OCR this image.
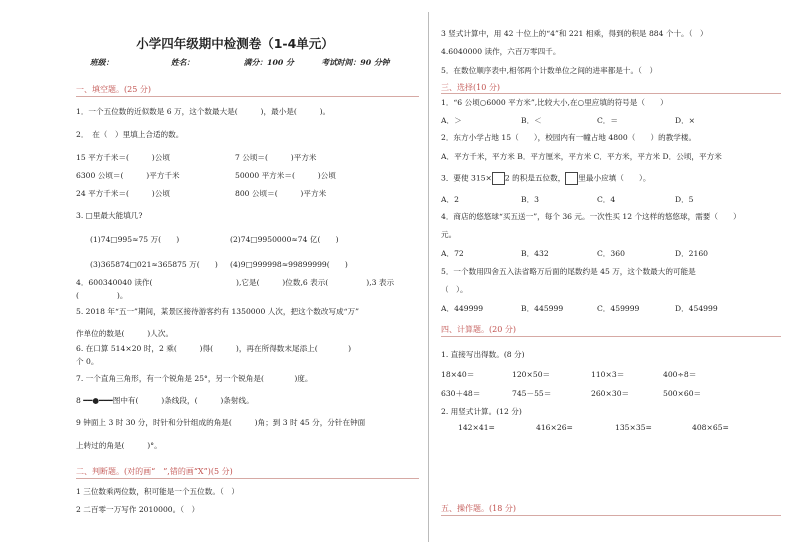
小学四年级期中检测卷（1-4单元）
班级：	姓名：	满分：100 分	考试时间：90 分钟
一、填空题。(25 分)
1．一个五位数的近似数是 6 万，这个数最大是(　　　)，最小是(　　　)。
2．　在（　）里填上合适的数。
15 平方千米＝(　　　)公顷	7 公顷＝(　　　)平方米
6300 公顷＝(　　　)平方千米	50000 平方米＝(　　　)公顷
24 平方千米＝(　　　)公顷	800 公顷＝(　　　)平方米
3. □里最大能填几?
(1)74□995≈75 万(　　)	(2)74□9950000≈74 亿(　　)
(3)365874□021≈365875 万(　　) (4)9□999998≈99899999(　　)
4．600340040 读作(　　　　　　　　　　　),它是(　　　)位数,6 表示(　　　　　),3 表示
(　　　　　)。
5. 2018 年“五一”期间，某景区接待游客约有 1350000 人次，把这个数改写成“万”
作单位的数是(　　　)人次。
6. 在口算 514×20 时，2 乘(　　　)得(　　　)，再在所得数末尾添上(　　　　)
个 0。
7. 一个直角三角形，有一个锐角是 25°，另一个锐角是(　　　　)度。
8 ━━●━━━图中有(　　　)条线段，(　　　)条射线。
9 钟面上 3 时 30 分，时针和分针组成的角是(　　　)角；到 3 时 45 分，分针在钟面
上转过的角是(　　　)°。
二、判断题。(对的画“　”,错的画“X”)(5 分)
1 三位数乘两位数，积可能是一个五位数。（　）
2 二百零一万写作 2010000。（　）
3 竖式计算中，用 42 十位上的“4”和 221 相乘，得到的积是 884 个十。（　）
4.6040000 读作，六百万零四千。
5．在数位顺序表中,相邻两个计数单位之间的进率都是十。（　）
三、选择(10 分)
1．“6 公顷○6000 平方米”,比较大小,在○里应填的符号是（　　）
A．＞	B．＜	C．＝	D．×
2．东方小学占地 15（　　），校园内有一幢占地 4800（　　）的教学楼。
A．平方千米，平方米 B．平方厘米，平方米 C．平方米，平方米 D．公顷，平方米
3．要使 315× 2 的积是五位数， 里最小应填（　　）。
A．2	B．3	C．4	D．5
4．商店的悠悠球“买五送一”，每个 36 元。一次性买 12 个这样的悠悠球，需要（　　）
元。
A．72	B．432	C．360	D．2160
5．一个数用四舍五入法省略万后面的尾数约是 45 万，这个数最大的可能是
（　）。
A．449999	B．445999	C．459999	D．454999
四、计算题。(20 分)
1. 直接写出得数。(8 分)
18×40＝	120×50＝	110×3＝	400÷8＝
630＋48＝	745－55＝	260×30＝	500×60＝
2. 用竖式计算。(12 分)
142×41=	416×26=	135×35=	408×65=
五、操作题。(18 分)
